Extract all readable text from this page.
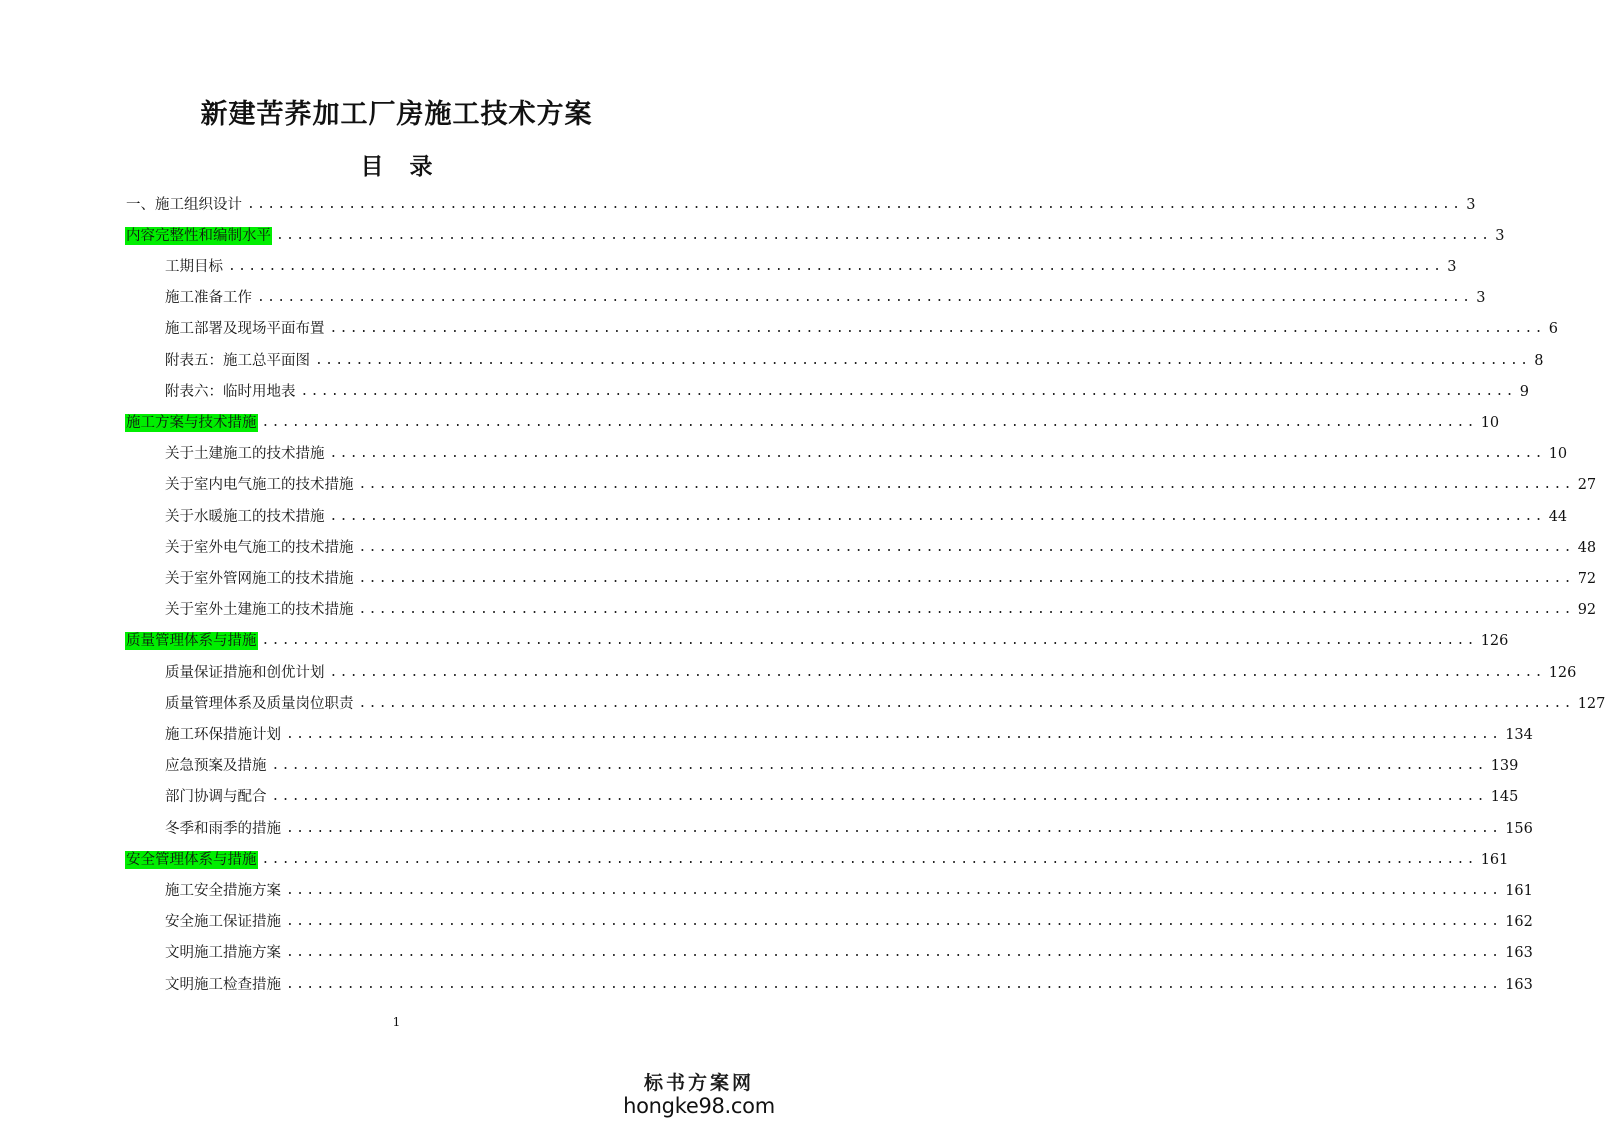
新建苦荞加工厂房施工技术方案
目 录
一、施工组织设计 ........................................................................................................................ 3
内容完整性和编制水平 ........................................................................................................................ 3
工期目标 ........................................................................................................................ 3
施工准备工作 ........................................................................................................................ 3
施工部署及现场平面布置 ........................................................................................................................ 6
附表五：施工总平面图 ........................................................................................................................ 8
附表六：临时用地表 ........................................................................................................................ 9
施工方案与技术措施 ........................................................................................................................ 10
关于土建施工的技术措施 ........................................................................................................................ 10
关于室内电气施工的技术措施 ........................................................................................................................ 27
关于水暖施工的技术措施 ........................................................................................................................ 44
关于室外电气施工的技术措施 ........................................................................................................................ 48
关于室外管网施工的技术措施 ........................................................................................................................ 72
关于室外土建施工的技术措施 ........................................................................................................................ 92
质量管理体系与措施 ........................................................................................................................ 126
质量保证措施和创优计划 ........................................................................................................................ 126
质量管理体系及质量岗位职责 ........................................................................................................................ 127
施工环保措施计划 ........................................................................................................................ 134
应急预案及措施 ........................................................................................................................ 139
部门协调与配合 ........................................................................................................................ 145
冬季和雨季的措施 ........................................................................................................................ 156
安全管理体系与措施 ........................................................................................................................ 161
施工安全措施方案 ........................................................................................................................ 161
安全施工保证措施 ........................................................................................................................ 162
文明施工措施方案 ........................................................................................................................ 163
文明施工检查措施 ........................................................................................................................ 163
1
标书方案网
hongke98.com
